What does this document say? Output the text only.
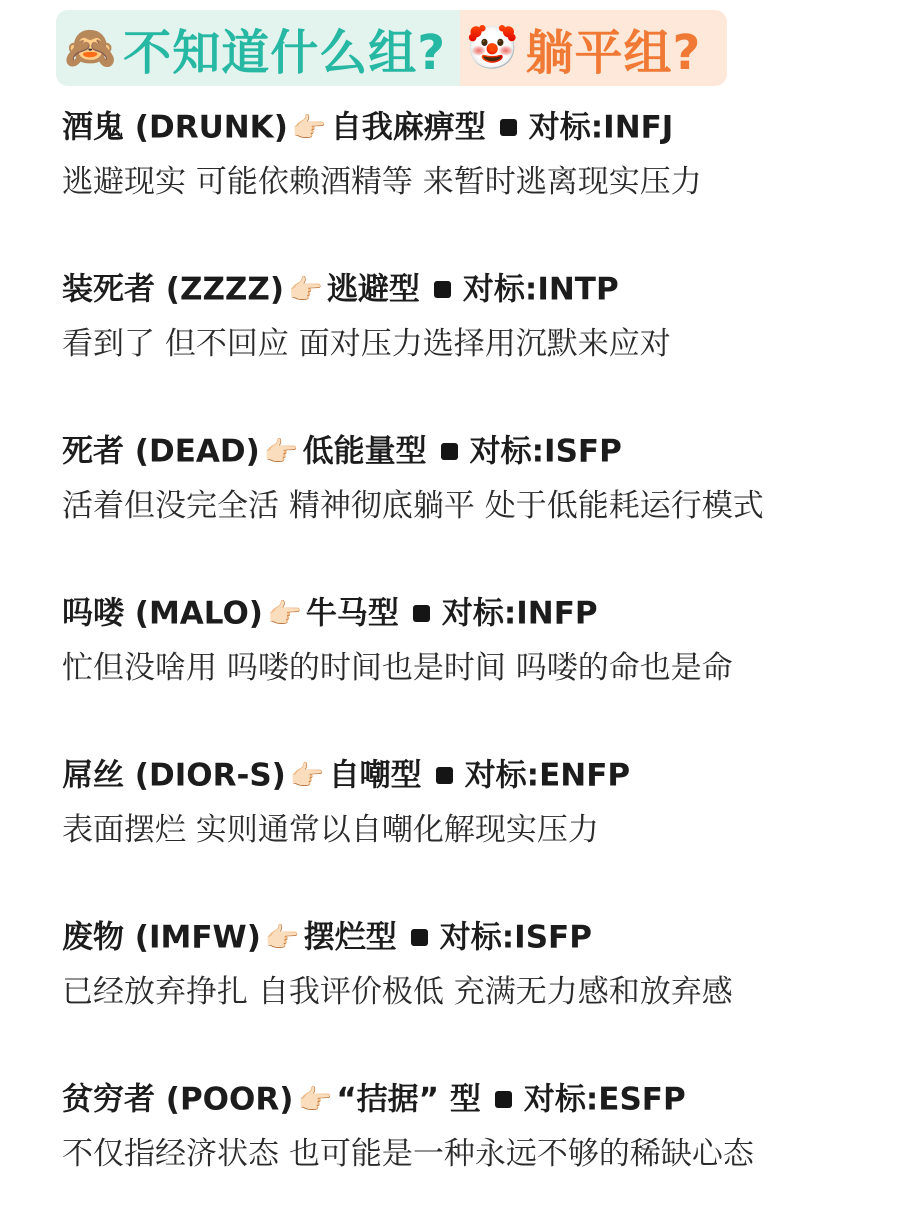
🙈 不知道什么组? 🤡 躺平组?
酒鬼 (DRUNK) 👉🏻 自我麻痹型 对标:INFJ
逃避现实 可能依赖酒精等 来暂时逃离现实压力
装死者 (ZZZZ) 👉🏻 逃避型 对标:INTP
看到了 但不回应 面对压力选择用沉默来应对
死者 (DEAD) 👉🏻 低能量型 对标:ISFP
活着但没完全活 精神彻底躺平 处于低能耗运行模式
吗喽 (MALO) 👉🏻 牛马型 对标:INFP
忙但没啥用 吗喽的时间也是时间 吗喽的命也是命
屌丝 (DIOR-S) 👉🏻 自嘲型 对标:ENFP
表面摆烂 实则通常以自嘲化解现实压力
废物 (IMFW) 👉🏻 摆烂型 对标:ISFP
已经放弃挣扎 自我评价极低 充满无力感和放弃感
贫穷者 (POOR) 👉🏻 “拮据” 型 对标:ESFP
不仅指经济状态 也可能是一种永远不够的稀缺心态
